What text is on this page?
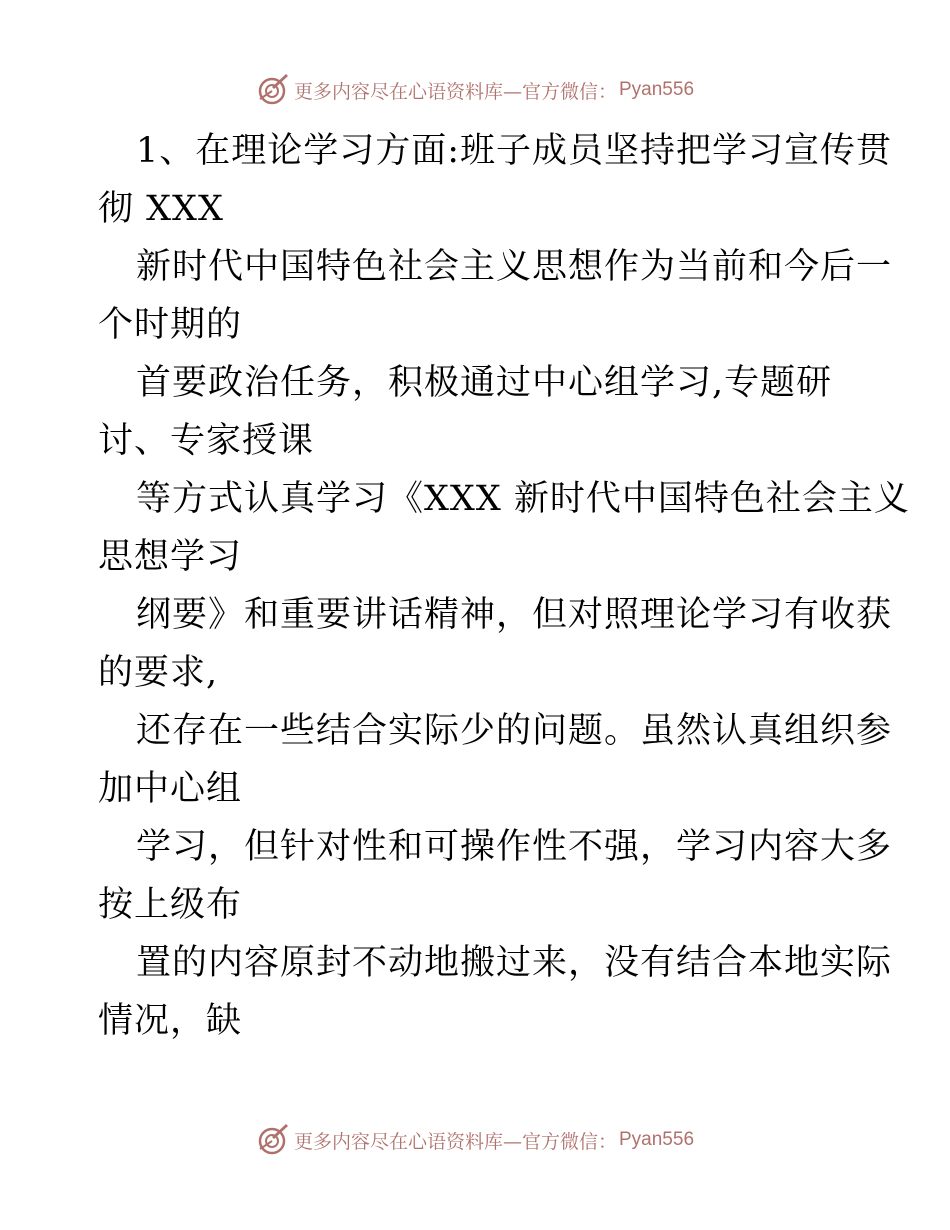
更多内容尽在心语资料库—官方微信： Pyan556
1、在理论学习方面:班子成员坚持把学习宣传贯
彻 XXX
新时代中国特色社会主义思想作为当前和今后一
个时期的
首要政治任务，积极通过中心组学习,专题研
讨、专家授课
等方式认真学习《XXX 新时代中国特色社会主义
思想学习
纲要》和重要讲话精神，但对照理论学习有收获
的要求,
还存在一些结合实际少的问题。虽然认真组织参
加中心组
学习，但针对性和可操作性不强，学习内容大多
按上级布
置的内容原封不动地搬过来，没有结合本地实际
情况，缺
更多内容尽在心语资料库—官方微信： Pyan556
